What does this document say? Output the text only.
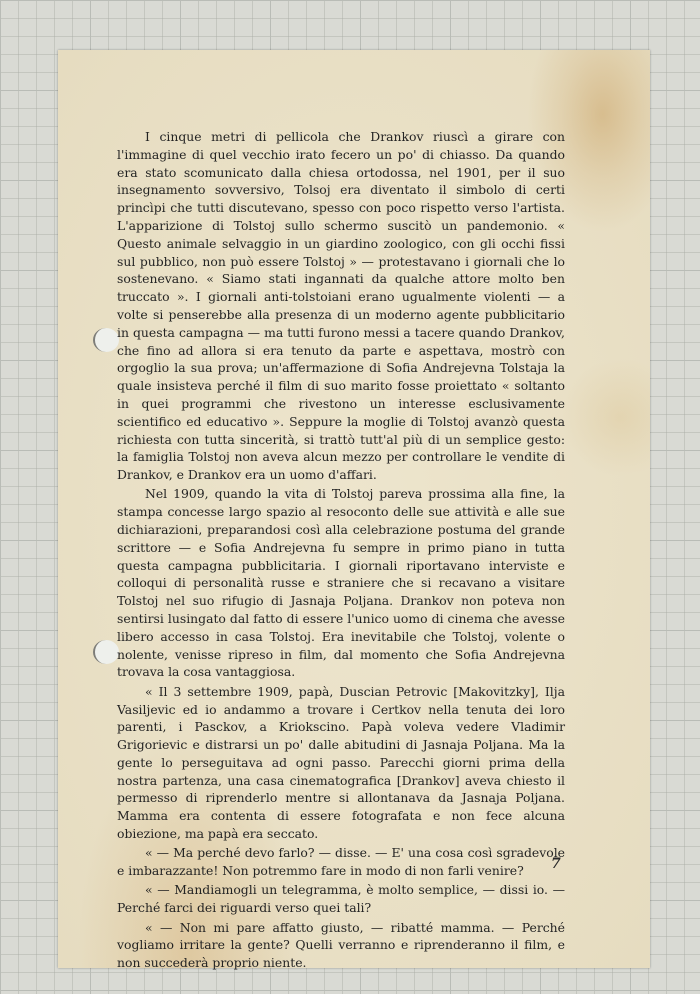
I cinque metri di pellicola che Drankov riuscì a girare con l'immagine di quel vecchio irato fecero un po' di chiasso. Da quando era stato scomunicato dalla chiesa ortodossa, nel 1901, per il suo insegnamento sovversivo, Tolsoj era diventato il simbolo di certi princìpi che tutti discutevano, spesso con poco rispetto verso l'artista. L'apparizione di Tolstoj sullo schermo suscitò un pandemonio. « Questo animale selvaggio in un giardino zoologico, con gli occhi fissi sul pubblico, non può essere Tolstoj » — protestavano i giornali che lo sostenevano. « Siamo stati ingannati da qualche attore molto ben truccato ». I giornali anti-tolstoiani erano ugualmente violenti — a volte si penserebbe alla presenza di un moderno agente pubblicitario in questa campagna — ma tutti furono messi a tacere quando Drankov, che fino ad allora si era tenuto da parte e aspettava, mostrò con orgoglio la sua prova; un'affermazione di Sofia Andrejevna Tolstaja la quale insisteva perché il film di suo marito fosse proiettato « soltanto in quei programmi che rivestono un interesse esclusivamente scientifico ed educativo ». Seppure la moglie di Tolstoj avanzò questa richiesta con tutta sincerità, si trattò tutt'al più di un semplice gesto: la famiglia Tolstoj non aveva alcun mezzo per controllare le vendite di Drankov, e Drankov era un uomo d'affari.

Nel 1909, quando la vita di Tolstoj pareva prossima alla fine, la stampa concesse largo spazio al resoconto delle sue attività e alle sue dichiarazioni, preparandosi così alla celebrazione postuma del grande scrittore — e Sofia Andrejevna fu sempre in primo piano in tutta questa campagna pubblicitaria. I giornali riportavano interviste e colloqui di personalità russe e straniere che si recavano a visitare Tolstoj nel suo rifugio di Jasnaja Poljana. Drankov non poteva non sentirsi lusingato dal fatto di essere l'unico uomo di cinema che avesse libero accesso in casa Tolstoj. Era inevitabile che Tolstoj, volente o nolente, venisse ripreso in film, dal momento che Sofia Andrejevna trovava la cosa vantaggiosa.

« Il 3 settembre 1909, papà, Duscian Petrovic [Makovitzky], Ilja Vasiljevic ed io andammo a trovare i Certkov nella tenuta dei loro parenti, i Pasckov, a Kriokscino. Papà voleva vedere Vladimir Grigorievic e distrarsi un po' dalle abitudini di Jasnaja Poljana. Ma la gente lo perseguitava ad ogni passo. Parecchi giorni prima della nostra partenza, una casa cinematografica [Drankov] aveva chiesto il permesso di riprenderlo mentre si allontanava da Jasnaja Poljana. Mamma era contenta di essere fotografata e non fece alcuna obiezione, ma papà era seccato.

« — Ma perché devo farlo? — disse. — E' una cosa così sgradevole e imbarazzante! Non potremmo fare in modo di non farli venire?

« — Mandiamogli un telegramma, è molto semplice, — dissi io. — Perché farci dei riguardi verso quei tali?

« — Non mi pare affatto giusto, — ribatté mamma. — Perché vogliamo irritare la gente? Quelli verranno e riprenderanno il film, e non succederà proprio niente.

7
